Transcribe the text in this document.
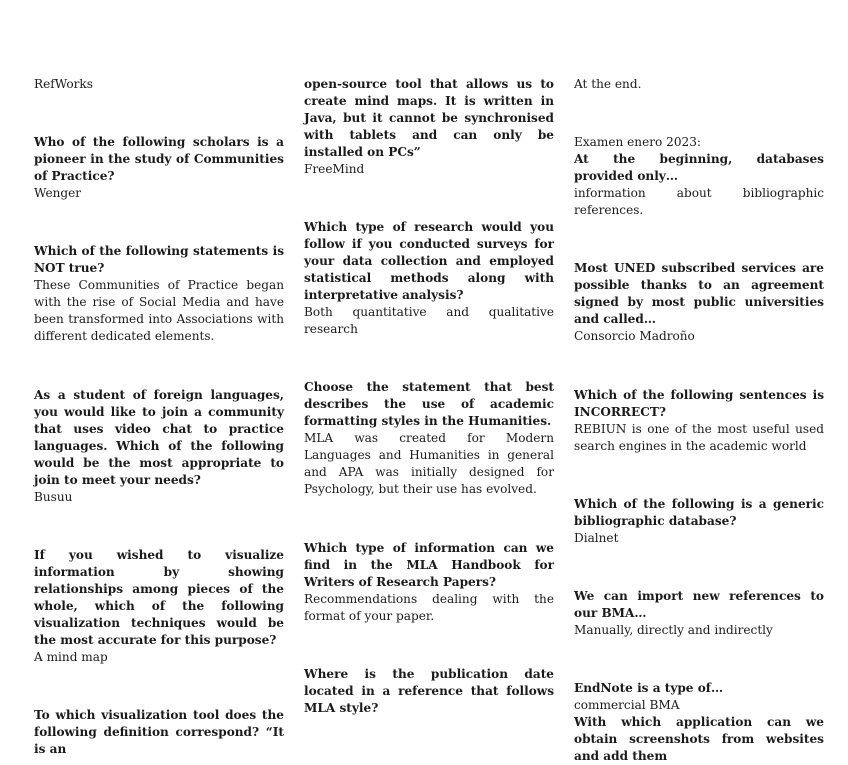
RefWorks

Who of the following scholars is a pioneer in the study of Communities of Practice?

Wenger

Which of the following statements is NOT true?

These Communities of Practice began with the rise of Social Media and have been transformed into Associations with different dedicated elements.

As a student of foreign languages, you would like to join a community that uses video chat to practice languages. Which of the following would be the most appropriate to join to meet your needs?

Busuu

If you wished to visualize information by showing relationships among pieces of the whole, which of the following visualization techniques would be the most accurate for this purpose?

A mind map

To which visualization tool does the following definition correspond? “It is an

open-source tool that allows us to create mind maps. It is written in Java, but it cannot be synchronised with tablets and can only be installed on PCs”

FreeMind

Which type of research would you follow if you conducted surveys for your data collection and employed statistical methods along with interpretative analysis?

Both quantitative and qualitative research

Choose the statement that best describes the use of academic formatting styles in the Humanities.

MLA was created for Modern Languages and Humanities in general and APA was initially designed for Psychology, but their use has evolved.

Which type of information can we find in the MLA Handbook for Writers of Research Papers?

Recommendations dealing with the format of your paper.

Where is the publication date located in a reference that follows MLA style?

At the end.

Examen enero 2023:

At the beginning, databases provided only…

information about bibliographic references.

Most UNED subscribed services are possible thanks to an agreement signed by most public universities and called…

Consorcio Madroño

Which of the following sentences is INCORRECT?

REBIUN is one of the most useful used search engines in the academic world

Which of the following is a generic bibliographic database?

Dialnet

We can import new references to our BMA…

Manually, directly and indirectly

EndNote is a type of…

commercial BMA

With which application can we obtain screenshots from websites and add them
